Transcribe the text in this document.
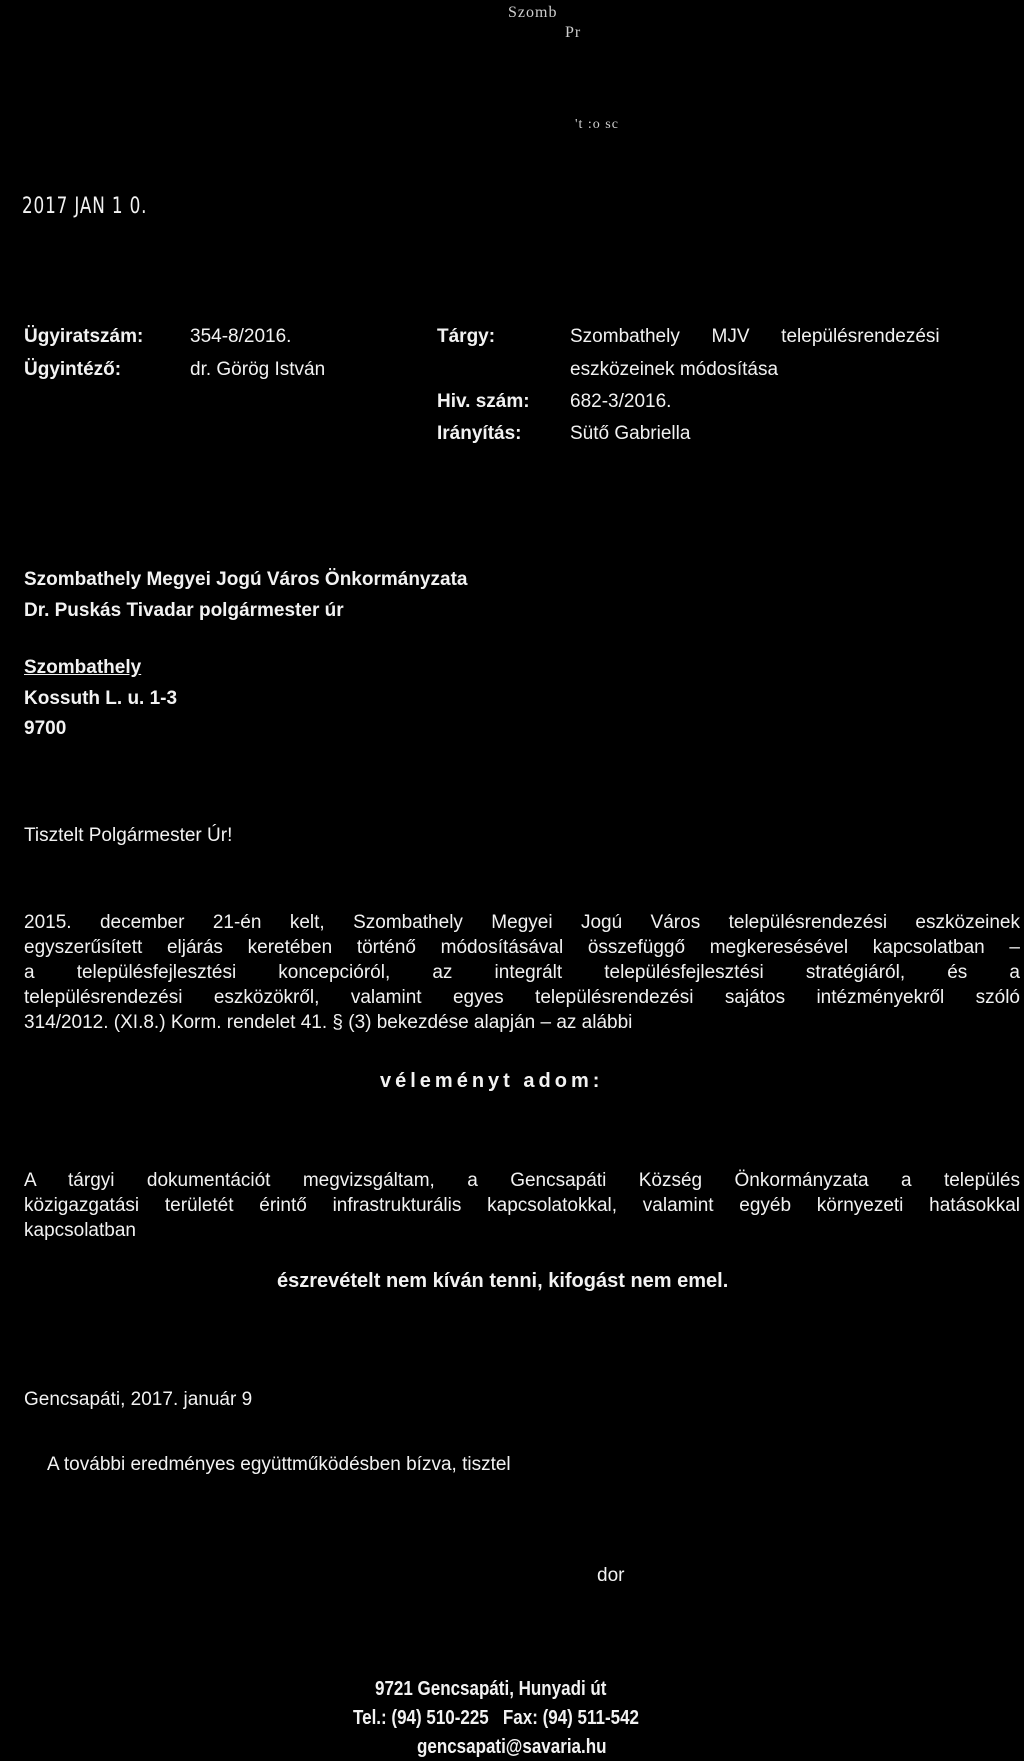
Szomb
Pr
't :o sc
2017 JAN 1 0.
Ügyiratszám: 354-8/2016.
Ügyintéző:	dr. Görög István
Tárgy:	Szombathely      MJV      településrendezési
eszközeinek módosítása
Hiv. szám: 682-3/2016.
Irányítás:	Sütő Gabriella
Szombathely Megyei Jogú Város Önkormányzata
Dr. Puskás Tivadar polgármester úr
Szombathely
Kossuth L. u. 1-3
9700
Tisztelt Polgármester Úr!
2015. december 21-én kelt, Szombathely Megyei Jogú Város településrendezési eszközeinek
egyszerűsített eljárás keretében történő módosításával összefüggő megkeresésével kapcsolatban –
a településfejlesztési koncepcióról, az integrált településfejlesztési stratégiáról, és a
településrendezési eszközökről, valamint egyes településrendezési sajátos intézményekről szóló
314/2012. (XI.8.) Korm. rendelet 41. § (3) bekezdése alapján – az alábbi
véleményt adom:
A tárgyi dokumentációt megvizsgáltam, a Gencsapáti Község Önkormányzata a település
közigazgatási területét érintő infrastrukturális kapcsolatokkal, valamint egyéb környezeti hatásokkal
kapcsolatban
észrevételt nem kíván tenni, kifogást nem emel.
Gencsapáti, 2017. január 9
A további eredményes együttműködésben bízva, tisztel
dor
9721 Gencsapáti, Hunyadi út
Tel.: (94) 510-225   Fax: (94) 511-542
gencsapati@savaria.hu
